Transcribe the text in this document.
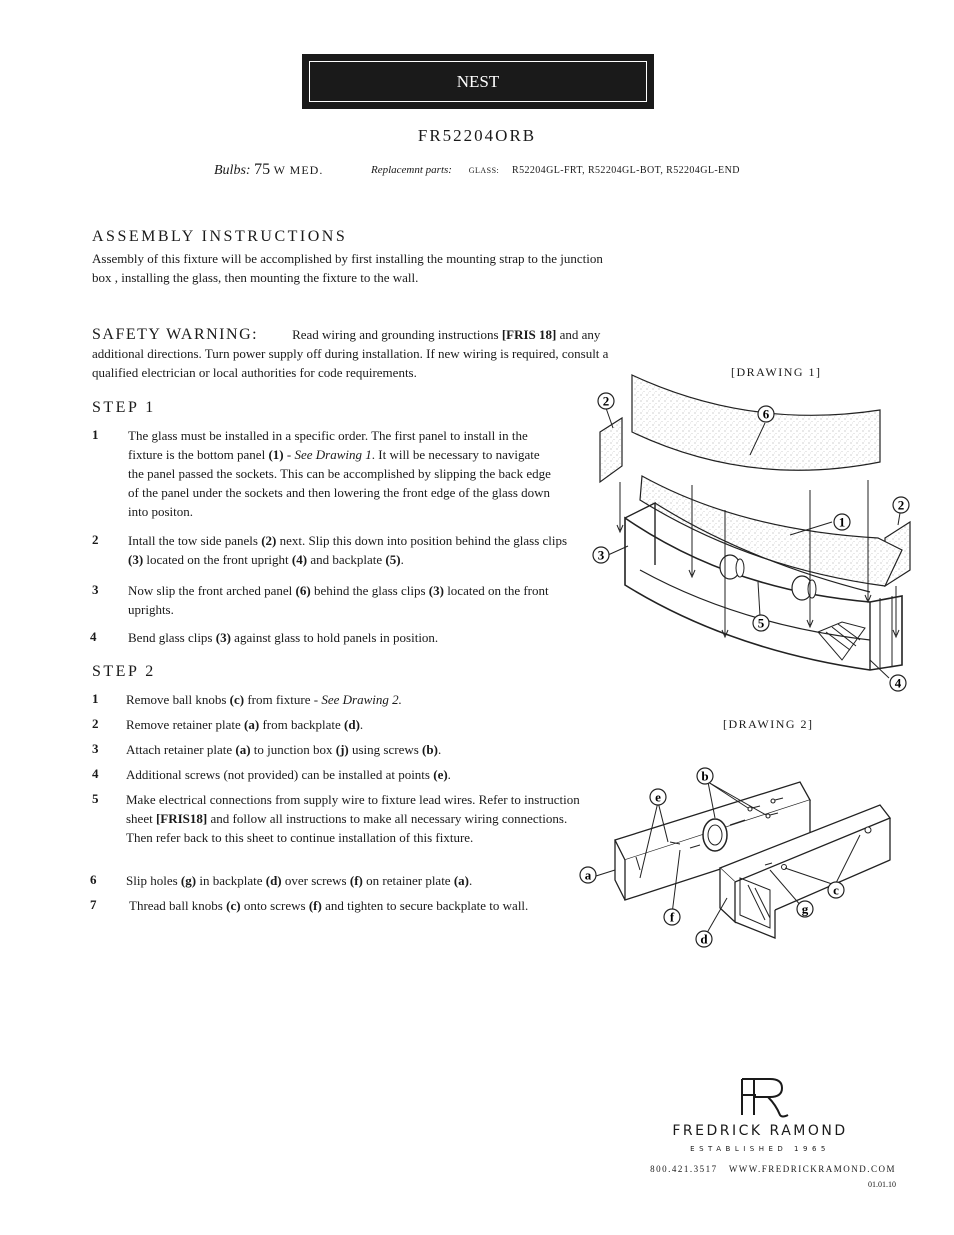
NEST
FR52204ORB
Bulbs: 75 W MED.	Replacemnt parts: GLASS: R52204GL-FRT, R52204GL-BOT, R52204GL-END
ASSEMBLY INSTRUCTIONS
Assembly of this fixture will be accomplished by first installing the mounting strap to the junction box , installing the glass, then mounting the fixture to the wall.
SAFETY WARNING:	Read wiring and grounding instructions [FRIS 18] and any additional directions. Turn power supply off during installation. If new wiring is required, consult a qualified electrician or local authorities for code requirements.
STEP 1
1 The glass must be installed in a specific order. The first panel to install in the fixture is the bottom panel (1) - See Drawing 1. It will be necessary to navigate the panel passed the sockets. This can be accomplished by slipping the back edge of the panel under the sockets and then lowering the front edge of the glass down into positon.
2 Intall the tow side panels (2) next. Slip this down into position behind the glass clips (3) located on the front upright (4) and backplate (5).
3 Now slip the front arched panel (6) behind the glass clips (3) located on the front uprights.
4 Bend glass clips (3) against glass to hold panels in position.
STEP 2
1 Remove ball knobs (c) from fixture - See Drawing 2.
2 Remove retainer plate (a) from backplate (d).
3 Attach retainer plate (a) to junction box (j) using screws (b).
4 Additional screws (not provided) can be installed at points (e).
5 Make electrical connections from supply wire to fixture lead wires. Refer to instruction sheet [FRIS18] and follow all instructions to make all necessary wiring connections. Then refer back to this sheet to continue installation of this fixture.
6 Slip holes (g) in backplate (d) over screws (f) on retainer plate (a).
7	Thread ball knobs (c) onto screws (f) and tighten to secure backplate to wall.
[DRAWING 1]
2
6
2
1
3
5
4
[DRAWING 2]
b
e
a
c
g
f
d
FREDRICK RAMOND
ESTABLISHED 1965
800.421.3517 WWW.FREDRICKRAMOND.COM
01.01.10
